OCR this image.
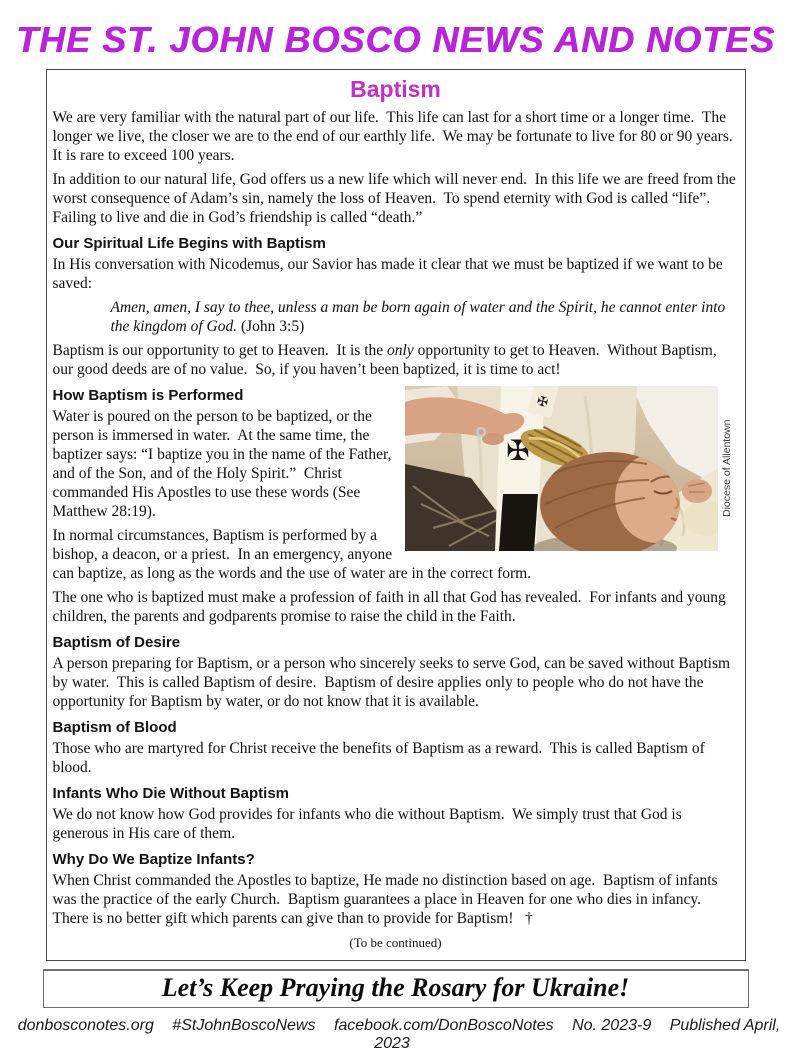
THE ST. JOHN BOSCO NEWS AND NOTES
Baptism

We are very familiar with the natural part of our life.  This life can last for a short time or a longer time.  The longer we live, the closer we are to the end of our earthly life.  We may be fortunate to live for 80 or 90 years.  It is rare to exceed 100 years.

In addition to our natural life, God offers us a new life which will never end.  In this life we are freed from the worst consequence of Adam’s sin, namely the loss of Heaven.  To spend eternity with God is called “life”.  Failing to live and die in God’s friendship is called “death.”

Our Spiritual Life Begins with Baptism

In His conversation with Nicodemus, our Savior has made it clear that we must be baptized if we want to be saved:

Amen, amen, I say to thee, unless a man be born again of water and the Spirit, he cannot enter into the kingdom of God. (John 3:5)

Baptism is our opportunity to get to Heaven.  It is the only opportunity to get to Heaven.  Without Baptism, our good deeds are of no value.  So, if you haven’t been baptized, it is time to act!

✠
✠
Diocese of Allentown
How Baptism is Performed

Water is poured on the person to be baptized, or the person is immersed in water.  At the same time, the baptizer says: “I baptize you in the name of the Father, and of the Son, and of the Holy Spirit.”  Christ commanded His Apostles to use these words (See Matthew 28:19).

In normal circumstances, Baptism is performed by a bishop, a deacon, or a priest.  In an emergency, anyone can baptize, as long as the words and the use of water are in the correct form.

The one who is baptized must make a profession of faith in all that God has revealed.  For infants and young children, the parents and godparents promise to raise the child in the Faith.

Baptism of Desire

A person preparing for Baptism, or a person who sincerely seeks to serve God, can be saved without Baptism by water.  This is called Baptism of desire.  Baptism of desire applies only to people who do not have the opportunity for Baptism by water, or do not know that it is available.

Baptism of Blood

Those who are martyred for Christ receive the benefits of Baptism as a reward.  This is called Baptism of blood.

Infants Who Die Without Baptism

We do not know how God provides for infants who die without Baptism.  We simply trust that God is generous in His care of them.

Why Do We Baptize Infants?

When Christ commanded the Apostles to baptize, He made no distinction based on age.  Baptism of infants was the practice of the early Church.  Baptism guarantees a place in Heaven for one who dies in infancy.  There is no better gift which parents can give than to provide for Baptism!   †

(To be continued)

Let’s Keep Praying the Rosary for Ukraine!
donbosconotes.org #StJohnBoscoNews facebook.com/DonBoscoNotes No. 2023-9 Published April, 2023
